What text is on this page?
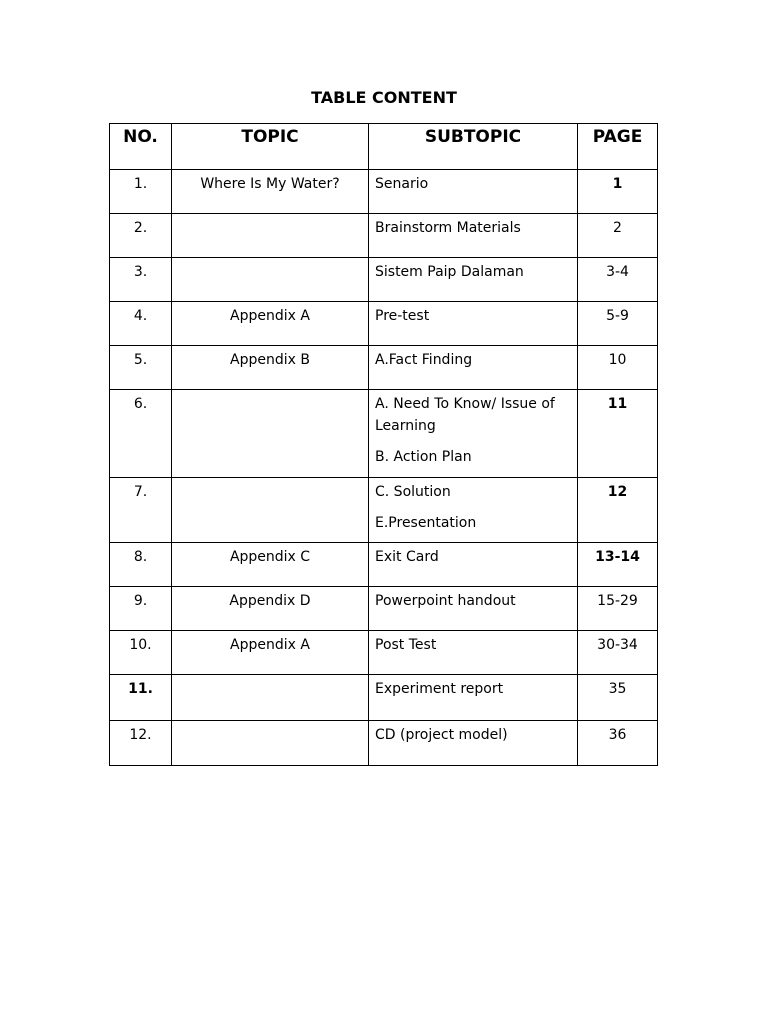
TABLE CONTENT
NO.	TOPIC	SUBTOPIC	PAGE
1.	Where Is My Water?	Senario	1
2.		Brainstorm Materials	2
3.		Sistem Paip Dalaman	3-4
4.	Appendix A	Pre-test	5-9
5.	Appendix B	A.Fact Finding	10
6.		A. Need To Know/ Issue of Learning
B. Action Plan	11
7.		C. Solution
E.Presentation	12
8.	Appendix C	Exit Card	13-14
9.	Appendix D	Powerpoint handout	15-29
10.	Appendix A	Post Test	30-34
11.		Experiment report	35
12.		CD (project model)	36
